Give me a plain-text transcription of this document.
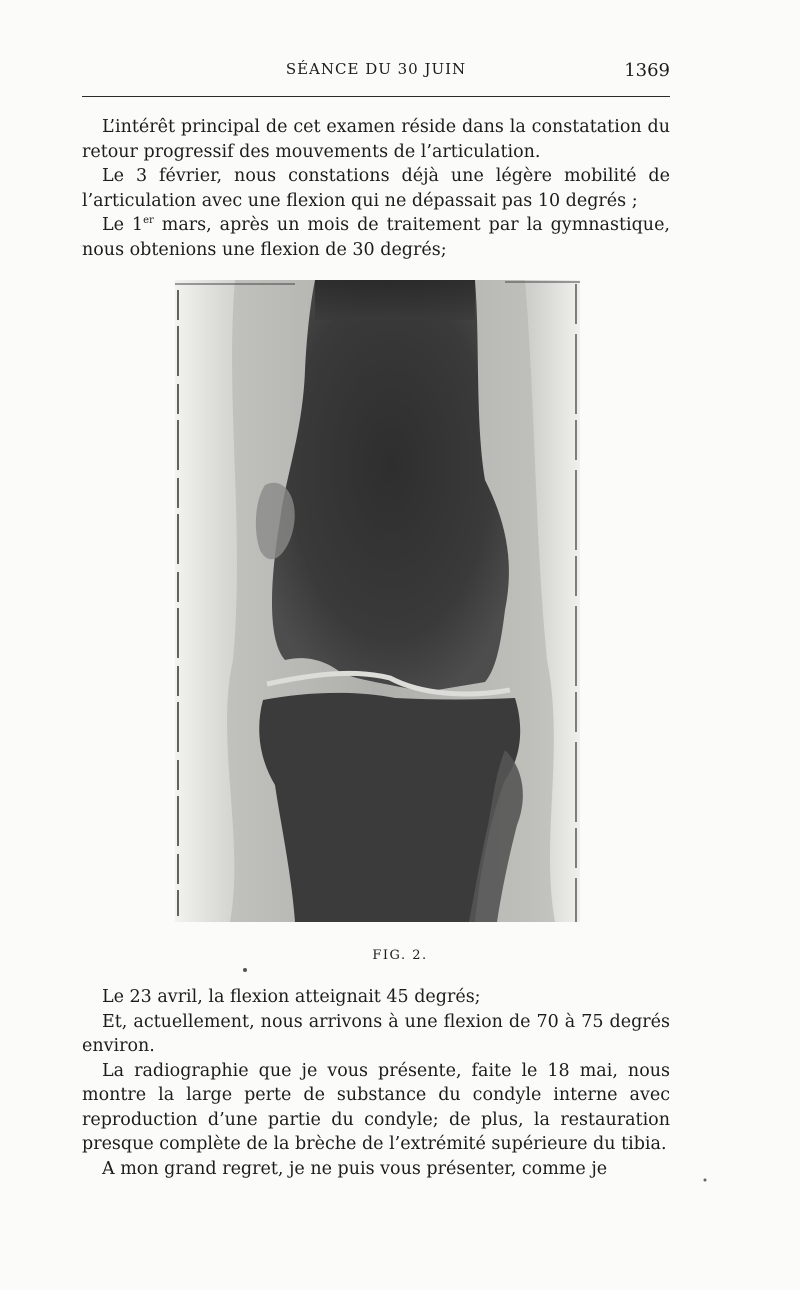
SÉANCE DU 30 JUIN	1369

L’intérêt principal de cet examen réside dans la constatation du retour progressif des mouvements de l’articulation.

Le 3 février, nous constations déjà une légère mobilité de l’articulation avec une flexion qui ne dépassait pas 10 degrés ;

Le 1er mars, après un mois de traitement par la gymnastique, nous obtenions une flexion de 30 degrés;

FIG. 2.

Le 23 avril, la flexion atteignait 45 degrés;

Et, actuellement, nous arrivons à une flexion de 70 à 75 degrés environ.

La radiographie que je vous présente, faite le 18 mai, nous montre la large perte de substance du condyle interne avec reproduction d’une partie du condyle; de plus, la restauration presque complète de la brèche de l’extrémité supérieure du tibia.

A mon grand regret, je ne puis vous présenter, comme je
